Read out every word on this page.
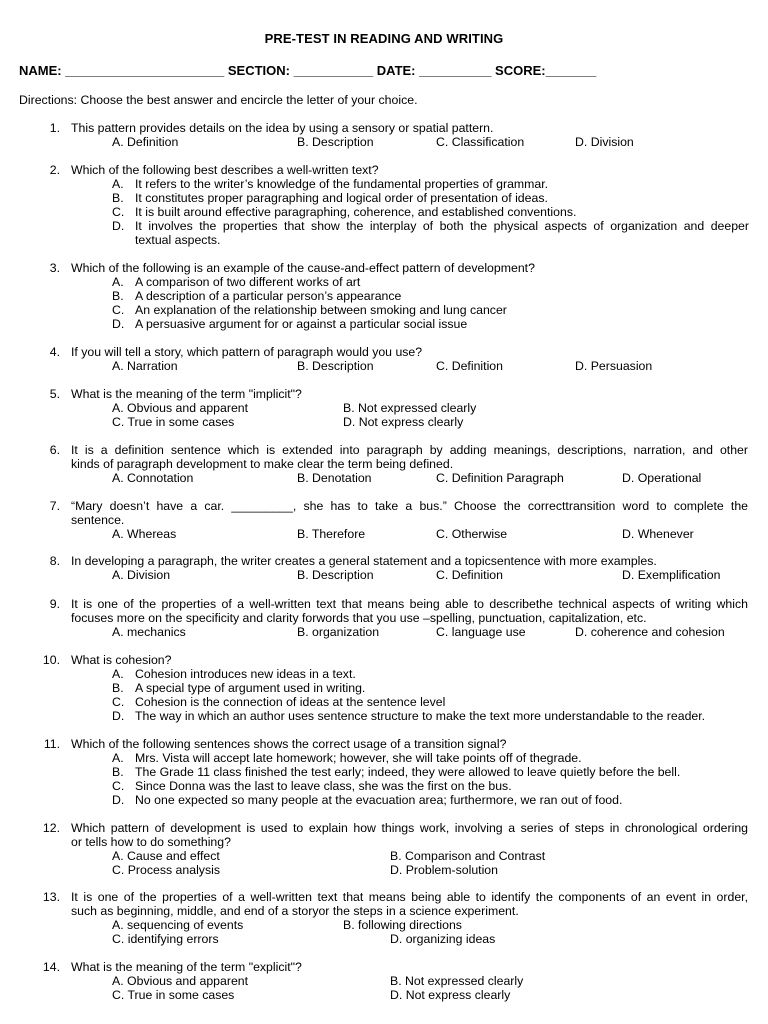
PRE-TEST IN READING AND WRITING
NAME: ______________________ SECTION: ___________ DATE: __________ SCORE:_______
Directions: Choose the best answer and encircle the letter of your choice.
1. This pattern provides details on the idea by using a sensory or spatial pattern.
A. Definition	B. Description	C. Classification	D. Division
2. Which of the following best describes a well-written text?
A. It refers to the writer’s knowledge of the fundamental properties of grammar.
B. It constitutes proper paragraphing and logical order of presentation of ideas.
C. It is built around effective paragraphing, coherence, and established conventions.
D. It involves the properties that show the interplay of both the physical aspects of organization and deeper
textual aspects.
3. Which of the following is an example of the cause-and-effect pattern of development?
A. A comparison of two different works of art
B. A description of a particular person’s appearance
C. An explanation of the relationship between smoking and lung cancer
D. A persuasive argument for or against a particular social issue
4. If you will tell a story, which pattern of paragraph would you use?
A. Narration	B. Description	C. Definition	D. Persuasion
5. What is the meaning of the term "implicit"?
A. Obvious and apparent	B. Not expressed clearly
C. True in some cases	D. Not express clearly
6. It is a definition sentence which is extended into paragraph by adding meanings, descriptions, narration, and other
kinds of paragraph development to make clear the term being defined.
A. Connotation	B. Denotation	C. Definition Paragraph	D. Operational
7. “Mary doesn’t have a car. _________, she has to take a bus.” Choose the correcttransition word to complete the
sentence.
A. Whereas	B. Therefore	C. Otherwise	D. Whenever
8. In developing a paragraph, the writer creates a general statement and a topicsentence with more examples.
A. Division	B. Description	C. Definition	D. Exemplification
9. It is one of the properties of a well-written text that means being able to describethe technical aspects of writing which
focuses more on the specificity and clarity forwords that you use –spelling, punctuation, capitalization, etc.
A. mechanics	B. organization	C. language use	D. coherence and cohesion
10. What is cohesion?
A. Cohesion introduces new ideas in a text.
B. A special type of argument used in writing.
C. Cohesion is the connection of ideas at the sentence level
D. The way in which an author uses sentence structure to make the text more understandable to the reader.
11. Which of the following sentences shows the correct usage of a transition signal?
A. Mrs. Vista will accept late homework; however, she will take points off of thegrade.
B. The Grade 11 class finished the test early; indeed, they were allowed to leave quietly before the bell.
C. Since Donna was the last to leave class, she was the first on the bus.
D. No one expected so many people at the evacuation area; furthermore, we ran out of food.
12. Which pattern of development is used to explain how things work, involving a series of steps in chronological ordering
or tells how to do something?
A. Cause and effect	B. Comparison and Contrast
C. Process analysis	D. Problem-solution
13. It is one of the properties of a well-written text that means being able to identify the components of an event in order,
such as beginning, middle, and end of a storyor the steps in a science experiment.
A. sequencing of events	B. following directions
C. identifying errors	D. organizing ideas
14. What is the meaning of the term "explicit"?
A. Obvious and apparent	B. Not expressed clearly
C. True in some cases	D. Not express clearly
